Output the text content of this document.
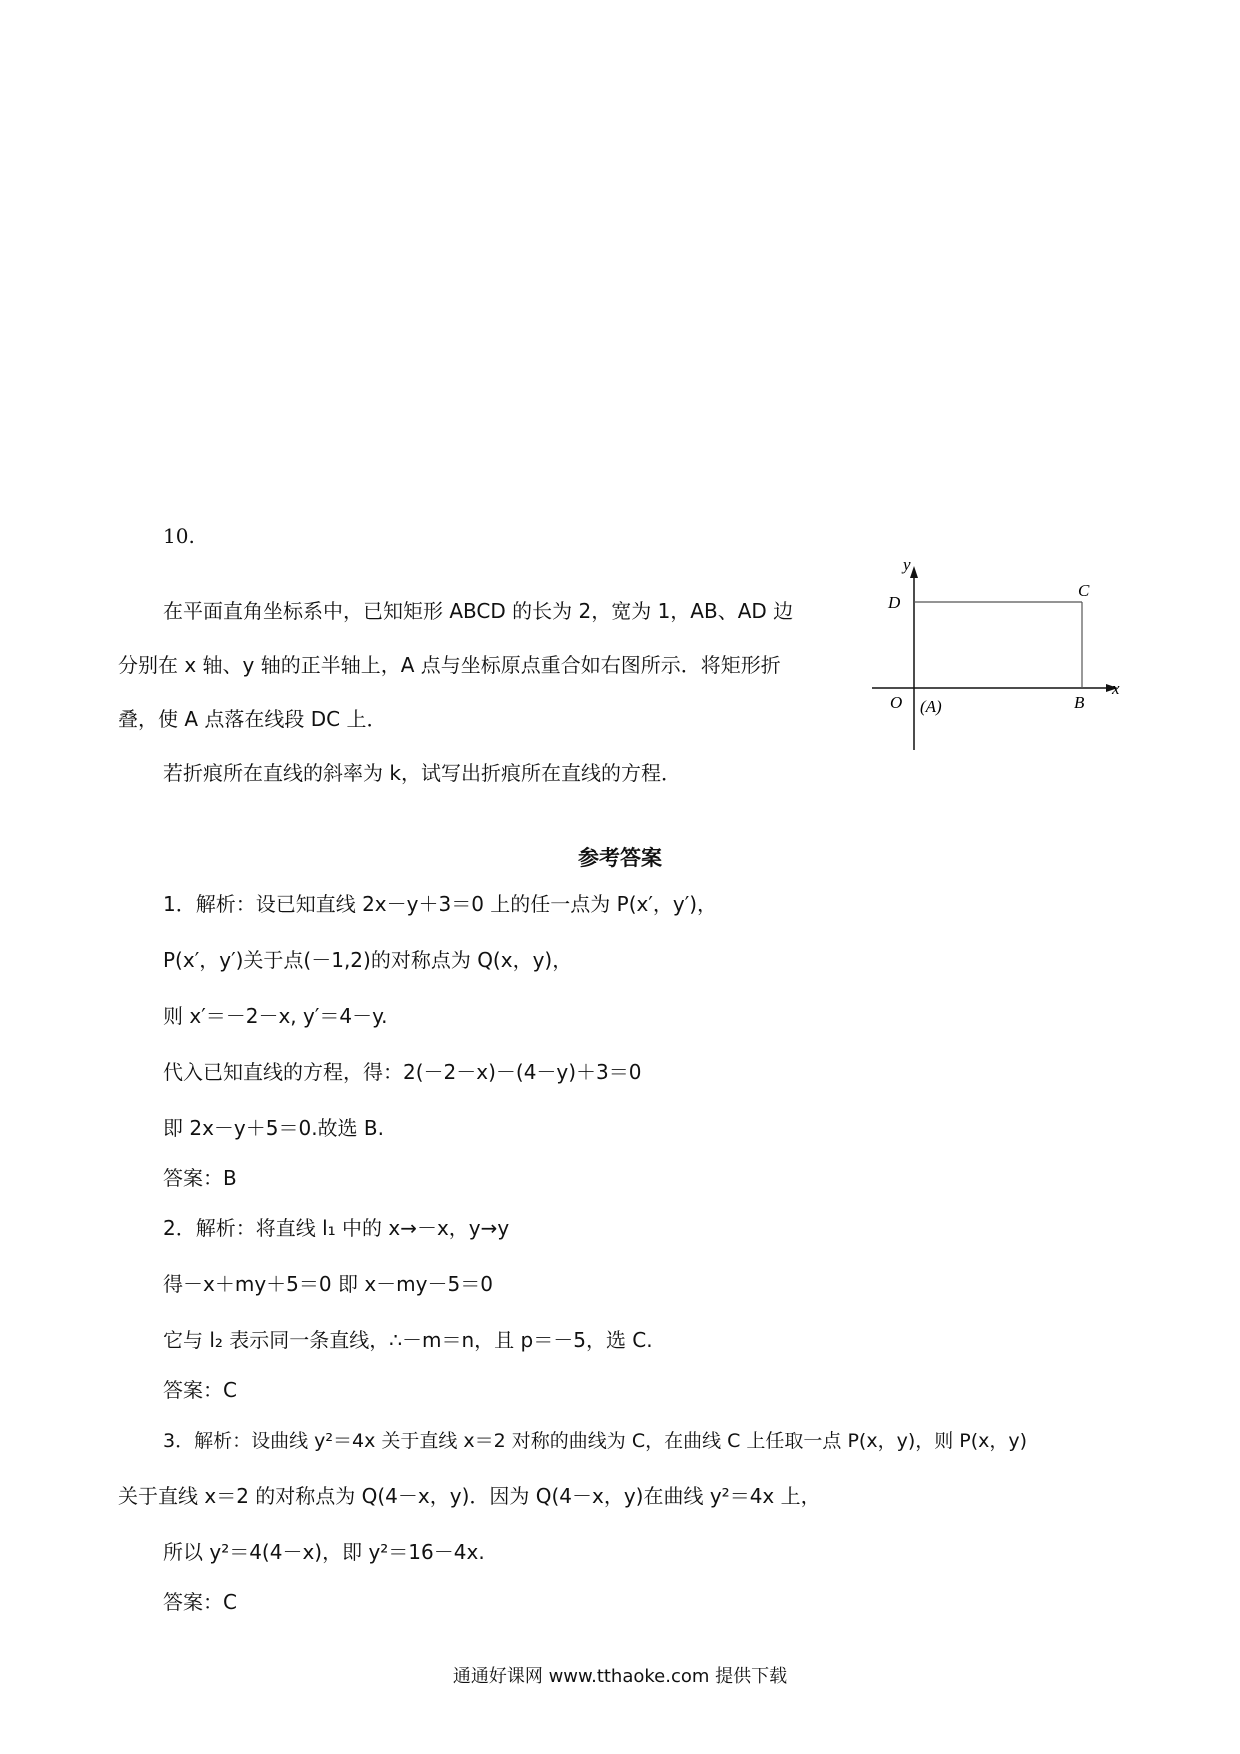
10.
在平面直角坐标系中，已知矩形 ABCD 的长为 2，宽为 1，AB、AD 边
分别在 x 轴、y 轴的正半轴上，A 点与坐标原点重合如右图所示．将矩形折
叠，使 A 点落在线段 DC 上．
若折痕所在直线的斜率为 k，试写出折痕所在直线的方程．
y
D
C
O (A)	B
x
参考答案
1．解析：设已知直线 2x－y＋3＝0 上的任一点为 P(x′，y′)，
P(x′，y′)关于点(－1,2)的对称点为 Q(x，y)，
则 x′＝－2－x, y′＝4－y.
代入已知直线的方程，得：2(－2－x)－(4－y)＋3＝0
即 2x－y＋5＝0.故选 B.
答案：B
2．解析：将直线 l₁ 中的 x→－x，y→y
得－x＋my＋5＝0 即 x－my－5＝0
它与 l₂ 表示同一条直线，∴－m＝n，且 p＝－5，选 C.
答案：C
3．解析：设曲线 y²＝4x 关于直线 x＝2 对称的曲线为 C，在曲线 C 上任取一点 P(x，y)，则 P(x，y)
关于直线 x＝2 的对称点为 Q(4－x，y)．因为 Q(4－x，y)在曲线 y²＝4x 上，
所以 y²＝4(4－x)，即 y²＝16－4x.
答案：C
通通好课网 www.tthaoke.com 提供下载
